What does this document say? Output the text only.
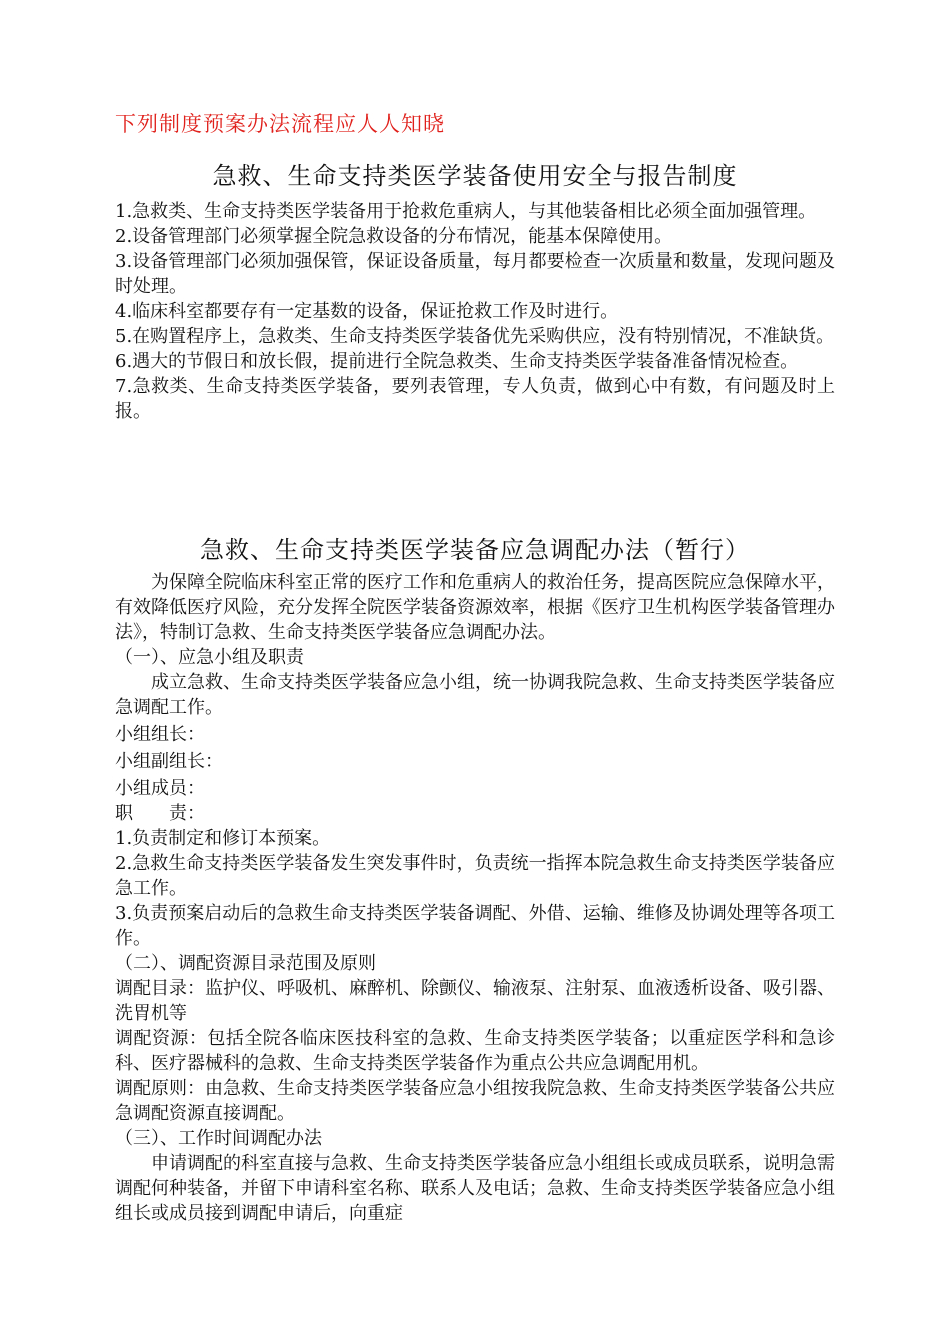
下列制度预案办法流程应人人知晓

急救、生命支持类医学装备使用安全与报告制度

1.急救类、生命支持类医学装备用于抢救危重病人，与其他装备相比必须全面加强管理。

2.设备管理部门必须掌握全院急救设备的分布情况，能基本保障使用。

3.设备管理部门必须加强保管，保证设备质量，每月都要检查一次质量和数量，发现问题及时处理。

4.临床科室都要存有一定基数的设备，保证抢救工作及时进行。

5.在购置程序上，急救类、生命支持类医学装备优先采购供应，没有特别情况，不准缺货。

6.遇大的节假日和放长假，提前进行全院急救类、生命支持类医学装备准备情况检查。

7.急救类、生命支持类医学装备，要列表管理，专人负责，做到心中有数，有问题及时上报。

急救、生命支持类医学装备应急调配办法（暂行）

为保障全院临床科室正常的医疗工作和危重病人的救治任务，提高医院应急保障水平，有效降低医疗风险，充分发挥全院医学装备资源效率，根据《医疗卫生机构医学装备管理办法》，特制订急救、生命支持类医学装备应急调配办法。

（一）、应急小组及职责

成立急救、生命支持类医学装备应急小组，统一协调我院急救、生命支持类医学装备应急调配工作。

小组组长：

小组副组长：

小组成员：

职　　责：

1.负责制定和修订本预案。

2.急救生命支持类医学装备发生突发事件时，负责统一指挥本院急救生命支持类医学装备应急工作。

3.负责预案启动后的急救生命支持类医学装备调配、外借、运输、维修及协调处理等各项工作。

（二）、调配资源目录范围及原则

调配目录：监护仪、呼吸机、麻醉机、除颤仪、输液泵、注射泵、血液透析设备、吸引器、洗胃机等

调配资源：包括全院各临床医技科室的急救、生命支持类医学装备；以重症医学科和急诊科、医疗器械科的急救、生命支持类医学装备作为重点公共应急调配用机。

调配原则：由急救、生命支持类医学装备应急小组按我院急救、生命支持类医学装备公共应急调配资源直接调配。

（三）、工作时间调配办法

申请调配的科室直接与急救、生命支持类医学装备应急小组组长或成员联系，说明急需调配何种装备，并留下申请科室名称、联系人及电话；急救、生命支持类医学装备应急小组组长或成员接到调配申请后，向重症
